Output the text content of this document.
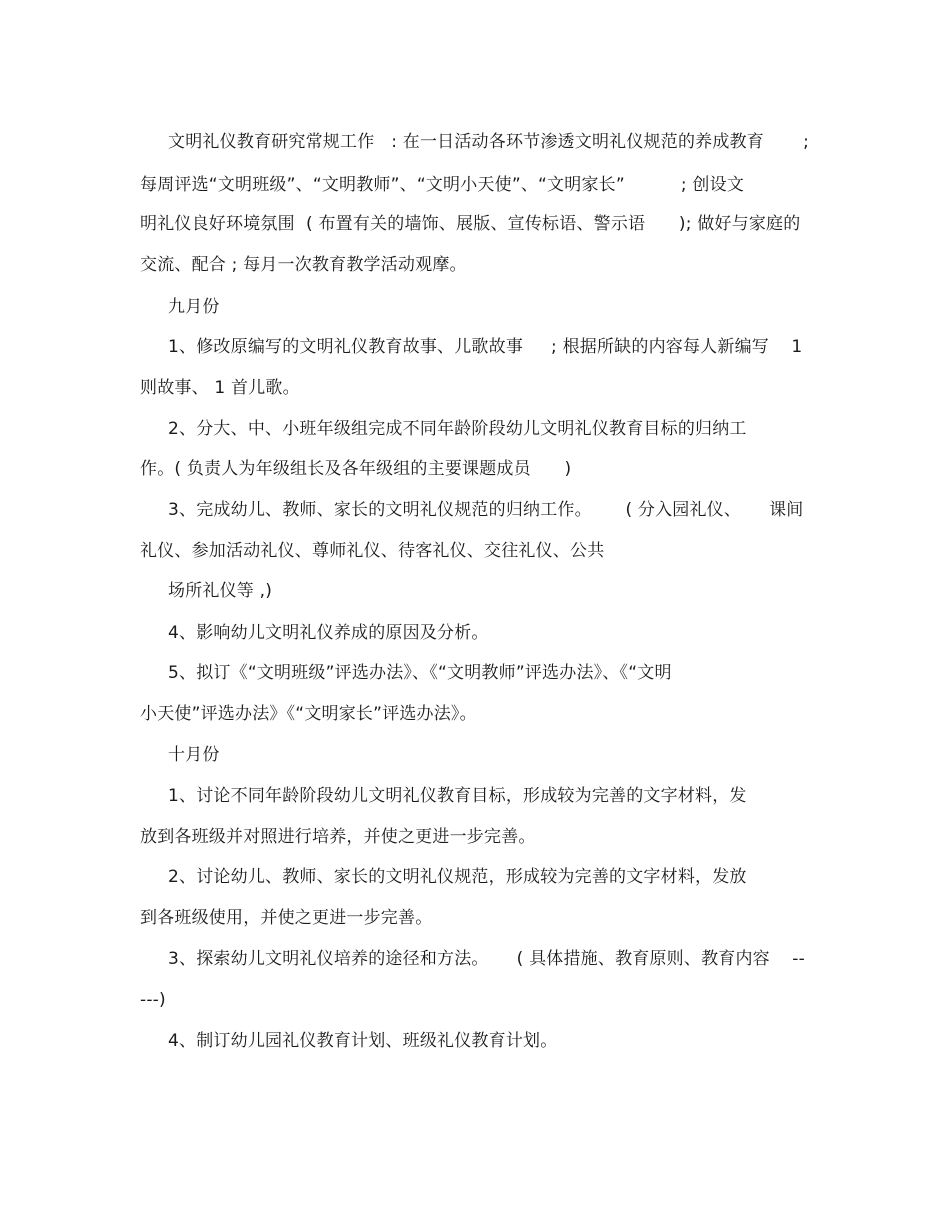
文明礼仪教育研究常规工作   : 在一日活动各环节渗透文明礼仪规范的养成教育       ;
每周评选“文明班级”、“文明教师”、“文明小天使”、“文明家长”          ; 创设文
明礼仪良好环境氛围  ( 布置有关的墙饰、展版、宣传标语、警示语      ); 做好与家庭的
交流、配合 ; 每月一次教育教学活动观摩。
九月份
1、修改原编写的文明礼仪教育故事、儿歌故事     ; 根据所缺的内容每人新编写    1
则故事、 1 首儿歌。
2、分大、中、小班年级组完成不同年龄阶段幼儿文明礼仪教育目标的归纳工
作。( 负责人为年级组长及各年级组的主要课题成员      )
3、完成幼儿、教师、家长的文明礼仪规范的归纳工作。      ( 分入园礼仪、     课间
礼仪、参加活动礼仪、尊师礼仪、待客礼仪、交往礼仪、公共
场所礼仪等 ,)
4、影响幼儿文明礼仪养成的原因及分析。
5、拟订《“文明班级”评选办法》、《“文明教师”评选办法》、《“文明
小天使”评选办法》《“文明家长”评选办法》。
十月份
1、讨论不同年龄阶段幼儿文明礼仪教育目标，形成较为完善的文字材料，发
放到各班级并对照进行培养，并使之更进一步完善。
2、讨论幼儿、教师、家长的文明礼仪规范，形成较为完善的文字材料，发放
到各班级使用，并使之更进一步完善。
3、探索幼儿文明礼仪培养的途径和方法。     ( 具体措施、教育原则、教育内容    --
---)
4、制订幼儿园礼仪教育计划、班级礼仪教育计划。
